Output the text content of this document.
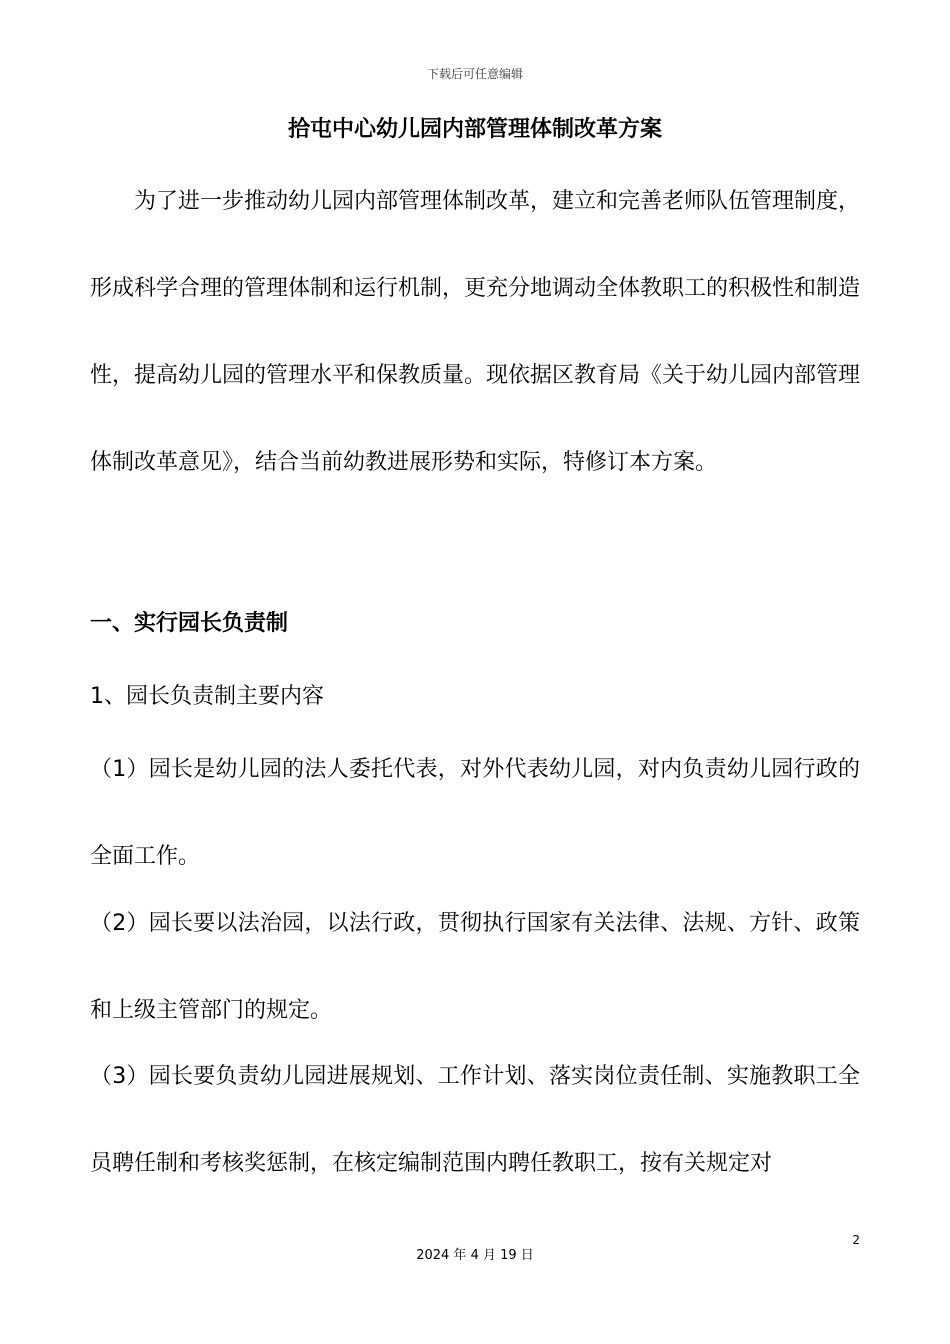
下载后可任意编辑
拾屯中心幼儿园内部管理体制改革方案

为了进一步推动幼儿园内部管理体制改革，建立和完善老师队伍管理制度，形成科学合理的管理体制和运行机制，更充分地调动全体教职工的积极性和制造性，提高幼儿园的管理水平和保教质量。现依据区教育局《关于幼儿园内部管理体制改革意见》，结合当前幼教进展形势和实际，特修订本方案。

一、实行园长负责制

1、园长负责制主要内容

（1）园长是幼儿园的法人委托代表，对外代表幼儿园，对内负责幼儿园行政的全面工作。

（2）园长要以法治园，以法行政，贯彻执行国家有关法律、法规、方针、政策和上级主管部门的规定。

（3）园长要负责幼儿园进展规划、工作计划、落实岗位责任制、实施教职工全员聘任制和考核奖惩制，在核定编制范围内聘任教职工，按有关规定对

2
2024 年 4 月 19 日
